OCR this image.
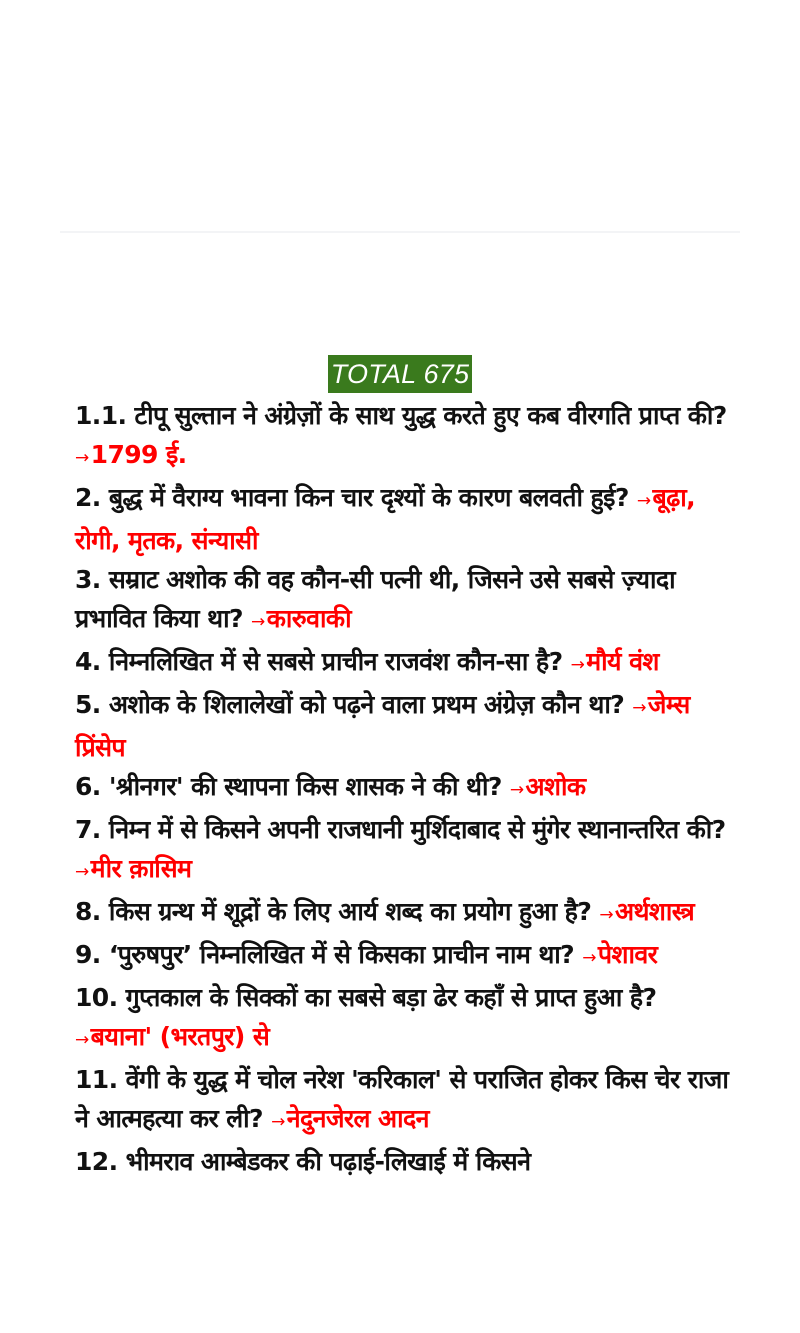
TOTAL 675
1.1. टीपू सुल्तान ने अंग्रेज़ों के साथ युद्ध करते हुए कब वीरगति प्राप्त की? →1799 ई.
2. बुद्ध में वैराग्य भावना किन चार दृश्यों के कारण बलवती हुई? →बूढ़ा, रोगी, मृतक, संन्यासी
3. सम्राट अशोक की वह कौन-सी पत्नी थी, जिसने उसे सबसे ज़्यादा प्रभावित किया था? →कारुवाकी
4. निम्नलिखित में से सबसे प्राचीन राजवंश कौन-सा है? →मौर्य वंश
5. अशोक के शिलालेखों को पढ़ने वाला प्रथम अंग्रेज़ कौन था? →जेम्स प्रिंसेप
6. 'श्रीनगर' की स्थापना किस शासक ने की थी? →अशोक
7. निम्न में से किसने अपनी राजधानी मुर्शिदाबाद से मुंगेर स्थानान्तरित की? →मीर क़ासिम
8. किस ग्रन्थ में शूद्रों के लिए आर्य शब्द का प्रयोग हुआ है? →अर्थशास्त्र
9. ‘पुरुषपुर’ निम्नलिखित में से किसका प्राचीन नाम था? →पेशावर
10. गुप्तकाल के सिक्कों का सबसे बड़ा ढेर कहाँ से प्राप्त हुआ है? →बयाना' (भरतपुर) से
11. वेंगी के युद्ध में चोल नरेश 'करिकाल' से पराजित होकर किस चेर राजा ने आत्महत्या कर ली? →नेदुनजेरल आदन
12. भीमराव आम्बेडकर की पढ़ाई-लिखाई में किसने
